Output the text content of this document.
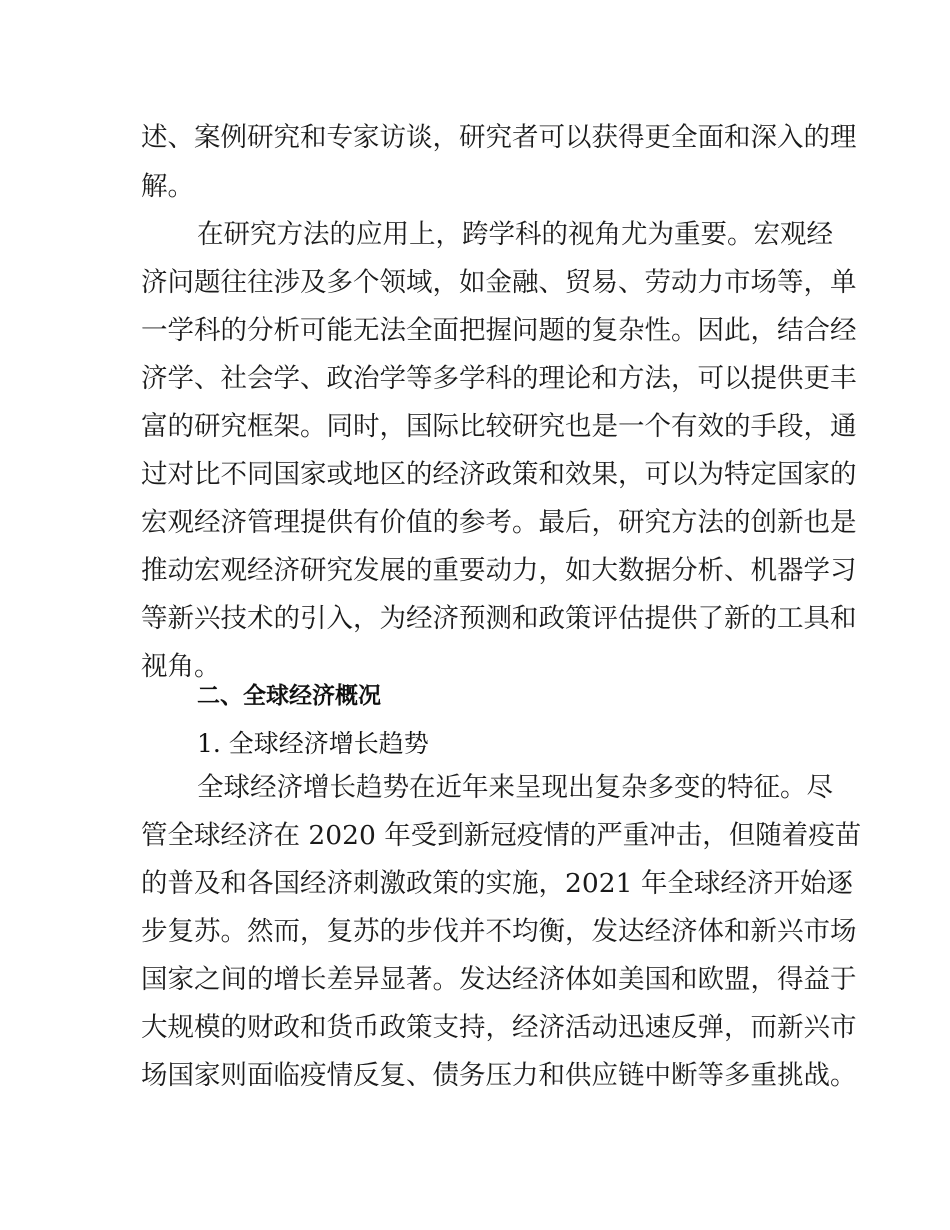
述、案例研究和专家访谈，研究者可以获得更全面和深入的理
解。
在研究方法的应用上，跨学科的视角尤为重要。宏观经
济问题往往涉及多个领域，如金融、贸易、劳动力市场等，单
一学科的分析可能无法全面把握问题的复杂性。因此，结合经
济学、社会学、政治学等多学科的理论和方法，可以提供更丰
富的研究框架。同时，国际比较研究也是一个有效的手段，通
过对比不同国家或地区的经济政策和效果，可以为特定国家的
宏观经济管理提供有价值的参考。最后，研究方法的创新也是
推动宏观经济研究发展的重要动力，如大数据分析、机器学习
等新兴技术的引入，为经济预测和政策评估提供了新的工具和
视角。
二、全球经济概况
1. 全球经济增长趋势
全球经济增长趋势在近年来呈现出复杂多变的特征。尽
管全球经济在 2020 年受到新冠疫情的严重冲击，但随着疫苗
的普及和各国经济刺激政策的实施，2021 年全球经济开始逐
步复苏。然而，复苏的步伐并不均衡，发达经济体和新兴市场
国家之间的增长差异显著。发达经济体如美国和欧盟，得益于
大规模的财政和货币政策支持，经济活动迅速反弹，而新兴市
场国家则面临疫情反复、债务压力和供应链中断等多重挑战。
